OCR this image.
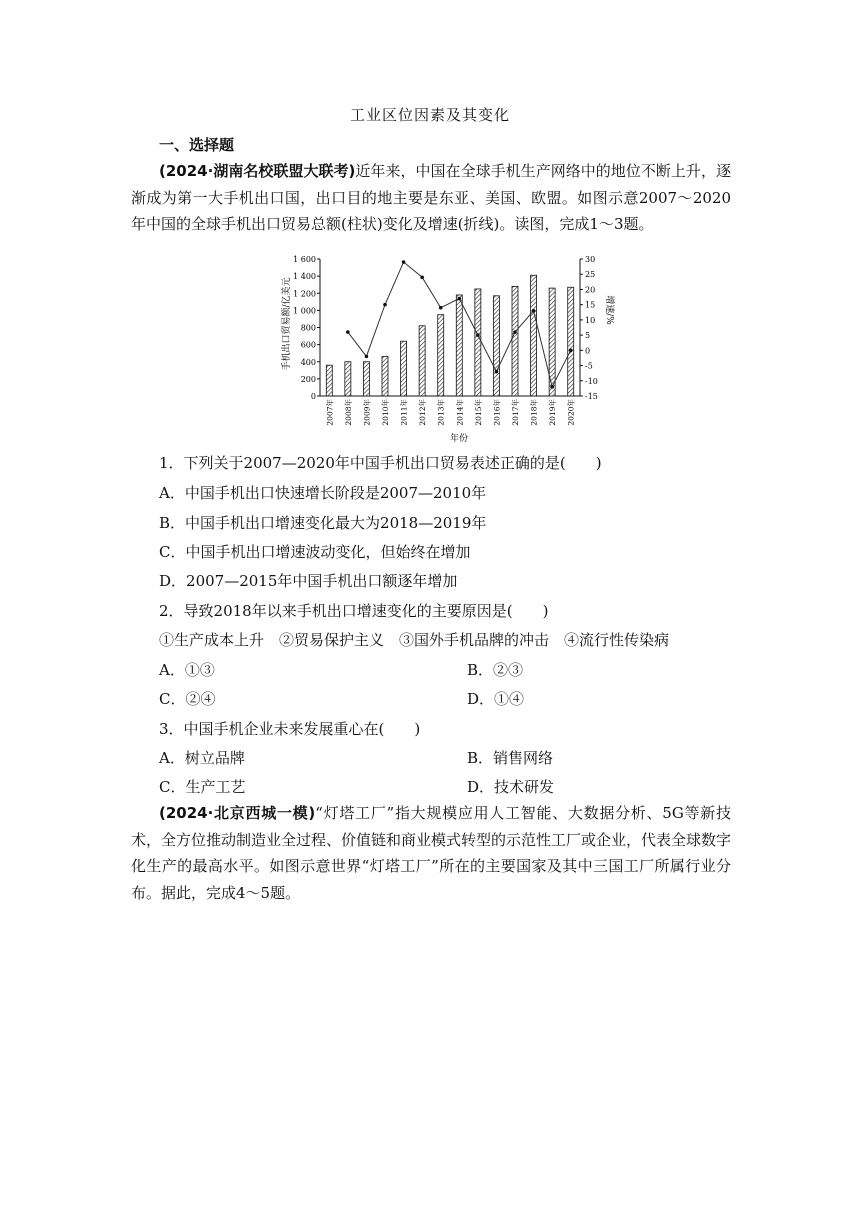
工业区位因素及其变化
一、选择题

(2024·湖南名校联盟大联考)近年来，中国在全球手机生产网络中的地位不断上升，逐渐成为第一大手机出口国，出口目的地主要是东亚、美国、欧盟。如图示意2007～2020年中国的全球手机出口贸易总额(柱状)变化及增速(折线)。读图，完成1～3题。

0
200
400
600
800
1 000
1 200
1 400
1 600
-15
-10
-5
0
5
10
15
20
25
30
2007年 2008年 2009年 2010年 2011年 2012年 2013年 2014年 2015年 2016年 2017年 2018年 2019年 2020年
手机出口贸易额/亿美元	增速/%
年份
1．下列关于2007—2020年中国手机出口贸易表述正确的是(　　)
A．中国手机出口快速增长阶段是2007—2010年
B．中国手机出口增速变化最大为2018—2019年
C．中国手机出口增速波动变化，但始终在增加
D．2007—2015年中国手机出口额逐年增加
2．导致2018年以来手机出口增速变化的主要原因是(　　)
①生产成本上升　②贸易保护主义　③国外手机品牌的冲击　④流行性传染病
A．①③	B．②③
C．②④	D．①④
3．中国手机企业未来发展重心在(　　)
A．树立品牌	B．销售网络
C．生产工艺	D．技术研发

(2024·北京西城一模)“灯塔工厂”指大规模应用人工智能、大数据分析、5G等新技术，全方位推动制造业全过程、价值链和商业模式转型的示范性工厂或企业，代表全球数字化生产的最高水平。如图示意世界“灯塔工厂”所在的主要国家及其中三国工厂所属行业分布。据此，完成4～5题。
